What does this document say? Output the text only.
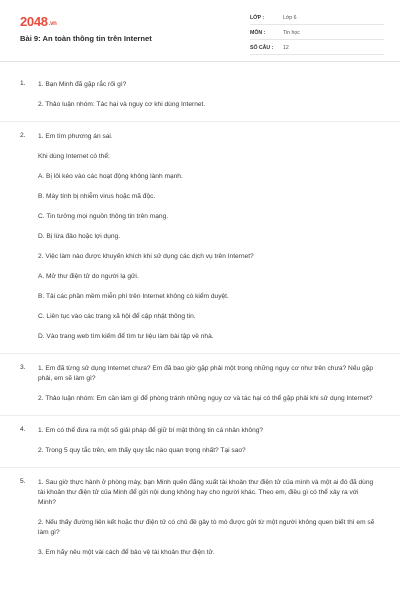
2048.vn
Bài 9: An toàn thông tin trên Internet
LỚP :	Lớp 6
MÔN :	Tin học
SỐ CÂU : 12
1. 1. Bạn Minh đã gặp rắc rối gì?
2. Thảo luận nhóm: Tác hại và nguy cơ khi dùng Internet.
2. 1. Em tìm phương án sai.
Khi dùng Internet có thể:
A. Bị lôi kéo vào các hoạt động không lành mạnh.
B. Máy tính bị nhiễm virus hoặc mã độc.
C. Tin tưởng mọi nguồn thông tin trên mạng.
D. Bị lừa đảo hoặc lợi dụng.
2. Việc làm nào được khuyến khích khi sử dụng các dịch vụ trên Internet?
A. Mở thư điện tử do người lạ gửi.
B. Tải các phần mềm miễn phí trên Internet không có kiểm duyệt.
C. Liên tục vào các trang xã hội để cập nhật thông tin.
D. Vào trang web tìm kiếm để tìm tư liệu làm bài tập về nhà.
3. 1. Em đã từng sử dụng Internet chưa? Em đã bao giờ gặp phải một trong những nguy cơ như trên chưa? Nếu gặp phải, em sẽ làm gì?
2. Thảo luận nhóm: Em cần làm gì để phòng tránh những nguy cơ và tác hại có thể gặp phải khi sử dụng Internet?
4. 1. Em có thể đưa ra một số giải pháp để giữ bí mật thông tin cá nhân không?
2. Trong 5 quy tắc trên, em thấy quy tắc nào quan trọng nhất? Tại sao?
5. 1. Sau giờ thực hành ở phòng máy, bạn Minh quên đăng xuất tài khoản thư điện tử của mình và một ai đó đã dùng tài khoản thư điện tử của Minh để gửi nội dung không hay cho người khác. Theo em, điều gì có thể xảy ra với Minh?
2. Nếu thấy đường liên kết hoặc thư điện tử có chủ đề gây tò mò được gửi từ một người không quen biết thì em sẽ làm gì?
3. Em hãy nêu một vài cách để bảo vệ tài khoản thư điện tử.
